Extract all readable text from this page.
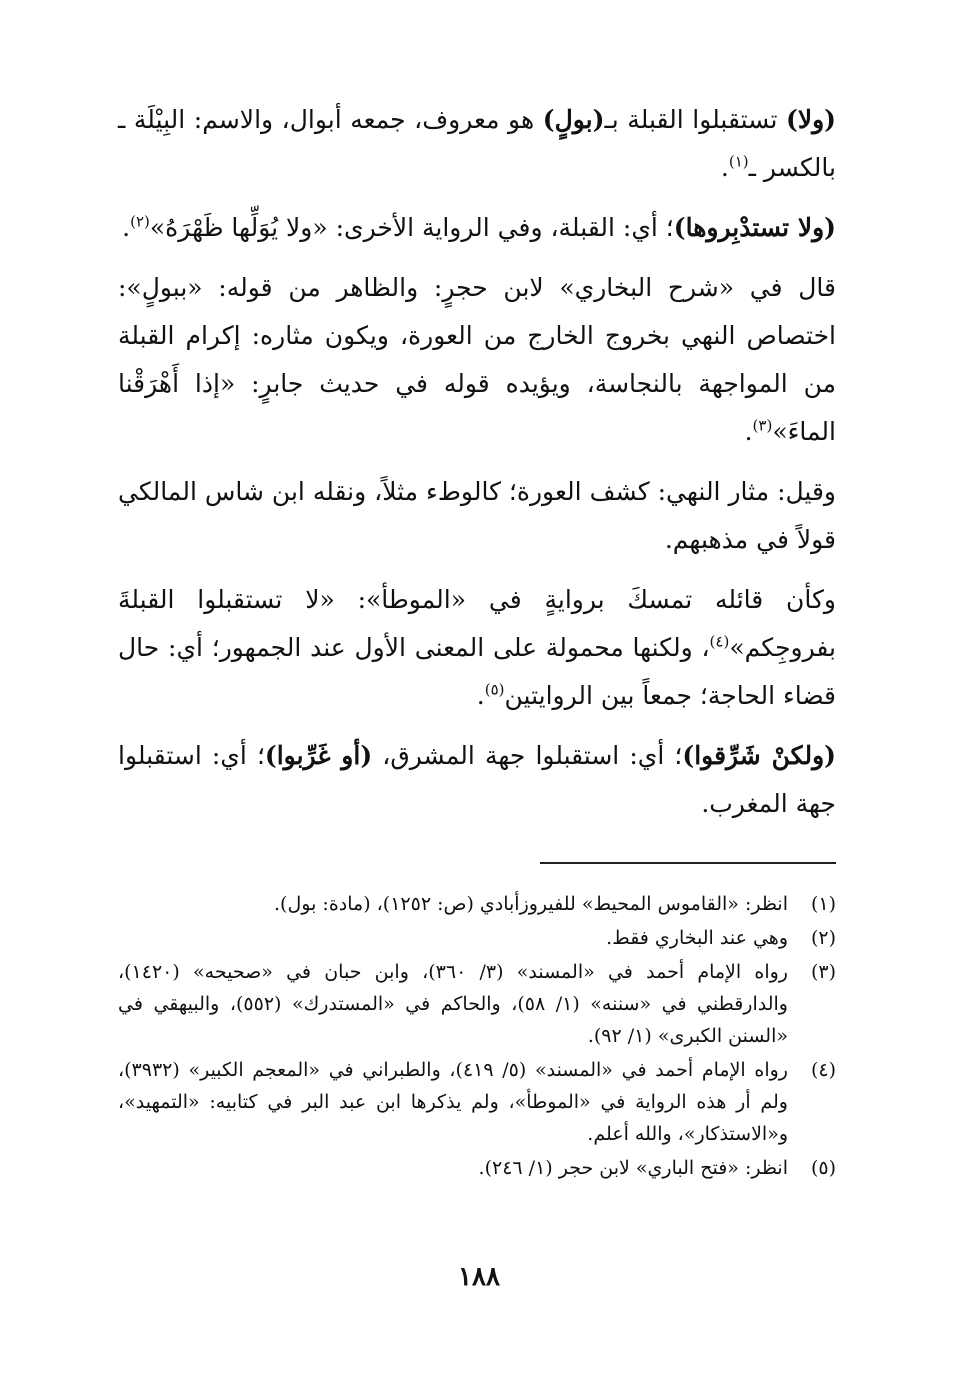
(ولا) تستقبلوا القبلة بـ(بولٍ) هو معروف، جمعه أبوال، والاسم: البِيْلَة ـ بالكسر ـ$^{(١)}$.

(ولا تستدْبِروها)؛ أي: القبلة، وفي الرواية الأخرى: «ولا يُوَلِّها ظَهْرَهُ»$^{(٢)}$.

قال في «شرح البخاري» لابن حجرٍ: والظاهر من قوله: «ببولٍ»: اختصاص النهي بخروج الخارج من العورة، ويكون مثاره: إكرام القبلة من المواجهة بالنجاسة، ويؤيده قوله في حديث جابرٍ: «إذا أَهْرَقْنا الماءَ»$^{(٣)}$.

وقيل: مثار النهي: كشف العورة؛ كالوطء مثلاً، ونقله ابن شاس المالكي قولاً في مذهبهم.

وكأن قائله تمسكَ بروايةٍ في «الموطأ»: «لا تستقبلوا القبلةَ بفروجِكم»$^{(٤)}$، ولكنها محمولة على المعنى الأول عند الجمهور؛ أي: حال قضاء الحاجة؛ جمعاً بين الروايتين$^{(٥)}$.

(ولكنْ شَرِّقوا)؛ أي: استقبلوا جهة المشرق، (أو غَرِّبوا)؛ أي: استقبلوا جهة المغرب.

(١)
انظر: «القاموس المحيط» للفيروزأبادي (ص: ١٢٥٢)، (مادة: بول).
(٢)
وهي عند البخاري فقط.
(٣)
رواه الإمام أحمد في «المسند» (٣/ ٣٦٠)، وابن حبان في «صحيحه» (١٤٢٠)، والدارقطني في «سننه» (١/ ٥٨)، والحاكم في «المستدرك» (٥٥٢)، والبيهقي في «السنن الكبرى» (١/ ٩٢).
(٤)
رواه الإمام أحمد في «المسند» (٥/ ٤١٩)، والطبراني في «المعجم الكبير» (٣٩٣٢)، ولم أر هذه الرواية في «الموطأ»، ولم يذكرها ابن عبد البر في كتابيه: «التمهيد»، و«الاستذكار»، والله أعلم.
(٥)
انظر: «فتح الباري» لابن حجر (١/ ٢٤٦).
١٨٨
